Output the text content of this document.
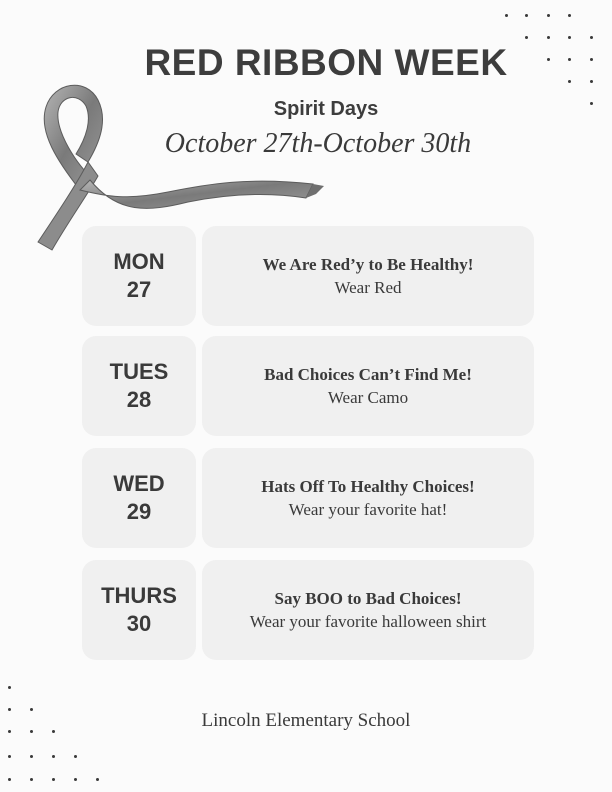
RED RIBBON WEEK
Spirit Days

October 27th-October 30th

MON
27
We Are Red’y to Be Healthy!
Wear Red
TUES
28
Bad Choices Can’t Find Me!
Wear Camo
WED
29
Hats Off To Healthy Choices!
Wear your favorite hat!
THURS
30
Say BOO to Bad Choices!
Wear your favorite halloween shirt

Lincoln Elementary School
